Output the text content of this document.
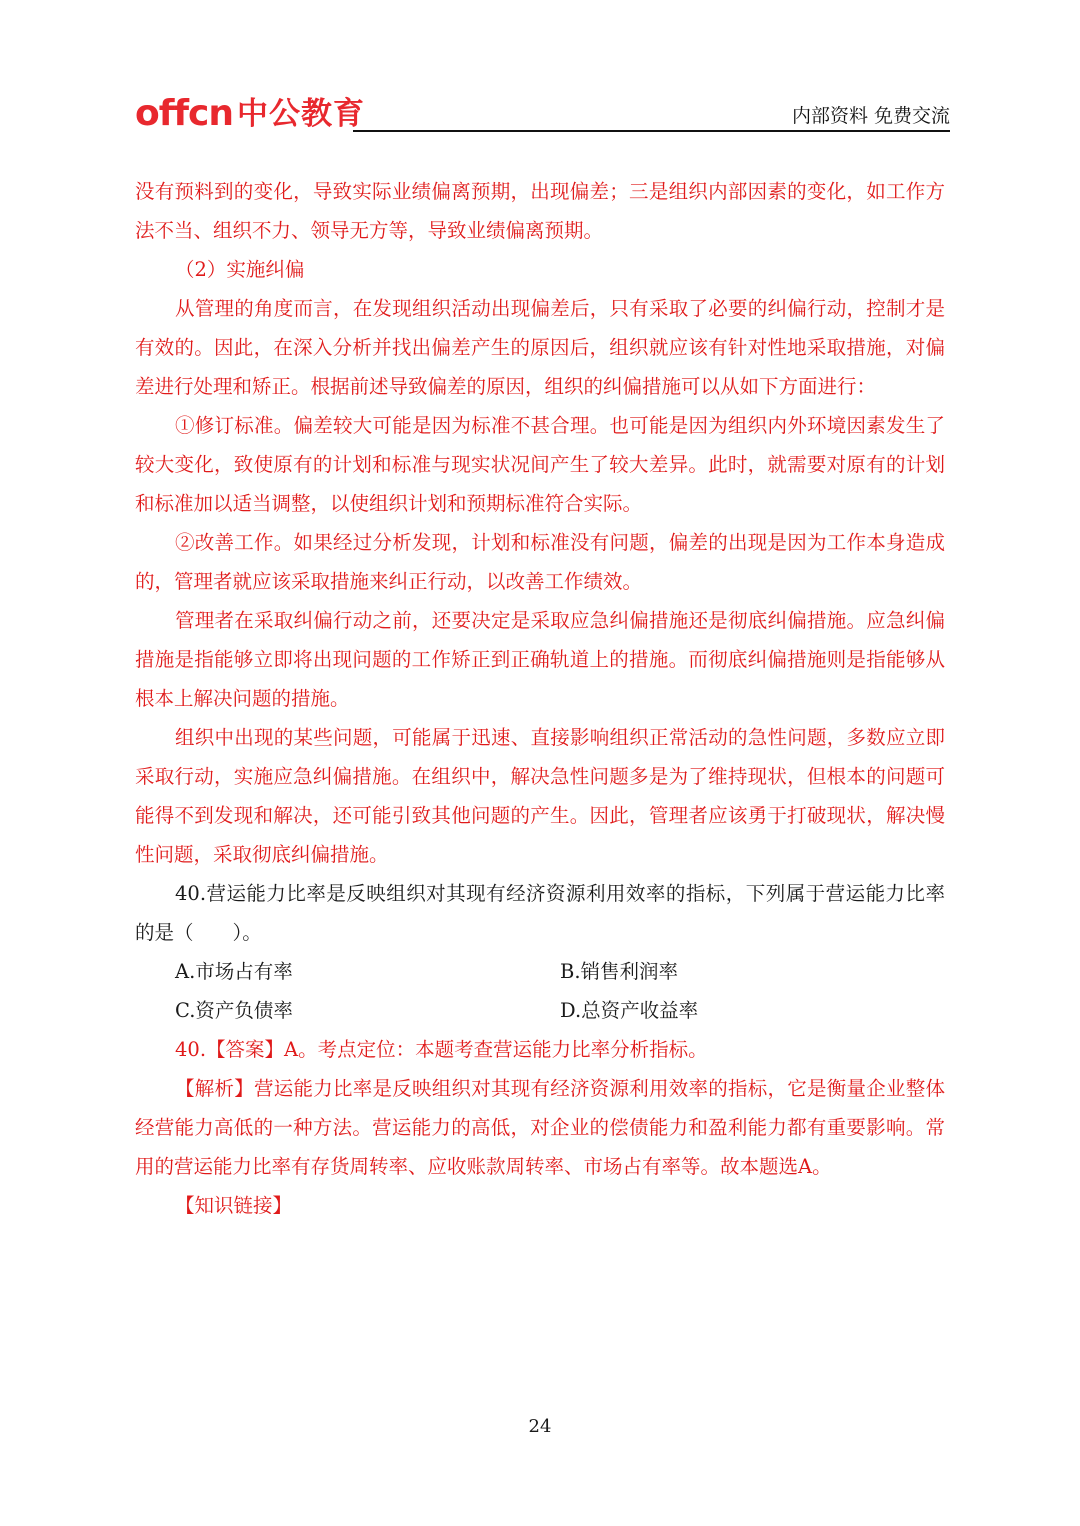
offcn 中公教育	内部资料 免费交流

没有预料到的变化，导致实际业绩偏离预期，出现偏差；三是组织内部因素的变化，如工作方法不当、组织不力、领导无方等，导致业绩偏离预期。

（2）实施纠偏

从管理的角度而言，在发现组织活动出现偏差后，只有采取了必要的纠偏行动，控制才是有效的。因此，在深入分析并找出偏差产生的原因后，组织就应该有针对性地采取措施，对偏差进行处理和矫正。根据前述导致偏差的原因，组织的纠偏措施可以从如下方面进行：

①修订标准。偏差较大可能是因为标准不甚合理。也可能是因为组织内外环境因素发生了较大变化，致使原有的计划和标准与现实状况间产生了较大差异。此时，就需要对原有的计划和标准加以适当调整，以使组织计划和预期标准符合实际。

②改善工作。如果经过分析发现，计划和标准没有问题，偏差的出现是因为工作本身造成的，管理者就应该采取措施来纠正行动，以改善工作绩效。

管理者在采取纠偏行动之前，还要决定是采取应急纠偏措施还是彻底纠偏措施。应急纠偏措施是指能够立即将出现问题的工作矫正到正确轨道上的措施。而彻底纠偏措施则是指能够从根本上解决问题的措施。

组织中出现的某些问题，可能属于迅速、直接影响组织正常活动的急性问题，多数应立即采取行动，实施应急纠偏措施。在组织中，解决急性问题多是为了维持现状，但根本的问题可能得不到发现和解决，还可能引致其他问题的产生。因此，管理者应该勇于打破现状，解决慢性问题，采取彻底纠偏措施。

40.营运能力比率是反映组织对其现有经济资源利用效率的指标，下列属于营运能力比率的是（　　）。

A.市场占有率	B.销售利润率
C.资产负债率	D.总资产收益率

40.【答案】A。考点定位：本题考查营运能力比率分析指标。

【解析】营运能力比率是反映组织对其现有经济资源利用效率的指标，它是衡量企业整体经营能力高低的一种方法。营运能力的高低，对企业的偿债能力和盈利能力都有重要影响。常用的营运能力比率有存货周转率、应收账款周转率、市场占有率等。故本题选A。

【知识链接】

24
